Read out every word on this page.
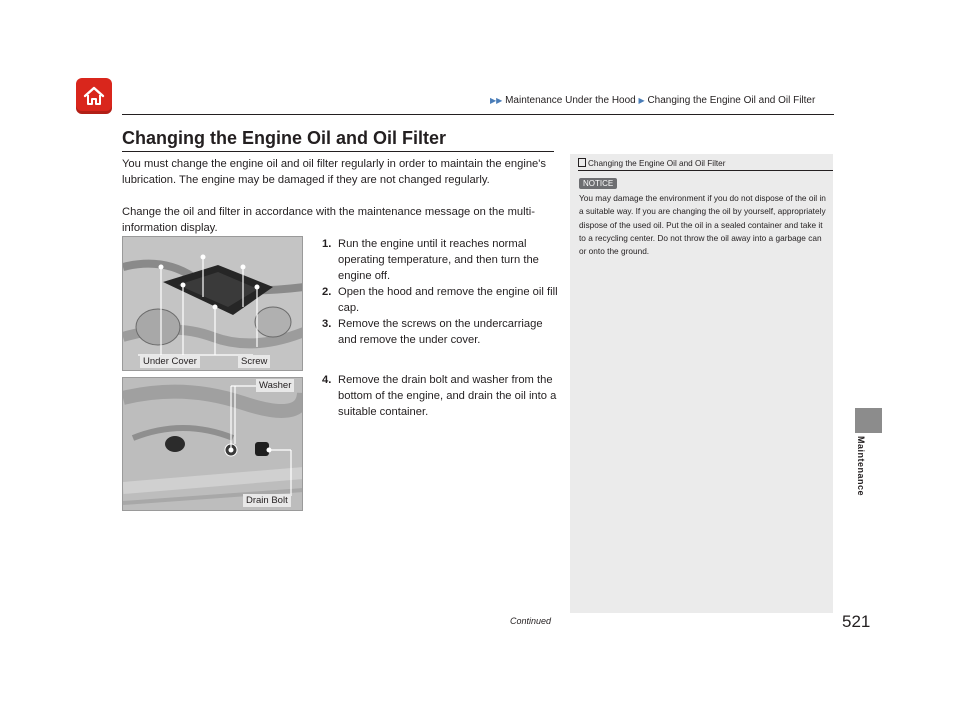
▶▶ Maintenance Under the Hood ▶ Changing the Engine Oil and Oil Filter
Changing the Engine Oil and Oil Filter

You must change the engine oil and oil filter regularly in order to maintain the engine's lubrication. The engine may be damaged if they are not changed regularly.

Change the oil and filter in accordance with the maintenance message on the multi-information display.

Under Cover	Screw
Washer
Drain Bolt

1. Run the engine until it reaches normal operating temperature, and then turn the engine off.

2. Open the hood and remove the engine oil fill cap.

3. Remove the screws on the undercarriage and remove the under cover.

4. Remove the drain bolt and washer from the bottom of the engine, and drain the oil into a suitable container.

Changing the Engine Oil and Oil Filter
NOTICE

You may damage the environment if you do not dispose of the oil in a suitable way. If you are changing the oil by yourself, appropriately dispose of the used oil. Put the oil in a sealed container and take it to a recycling center. Do not throw the oil away into a garbage can or onto the ground.

Continued	521
Maintenance
